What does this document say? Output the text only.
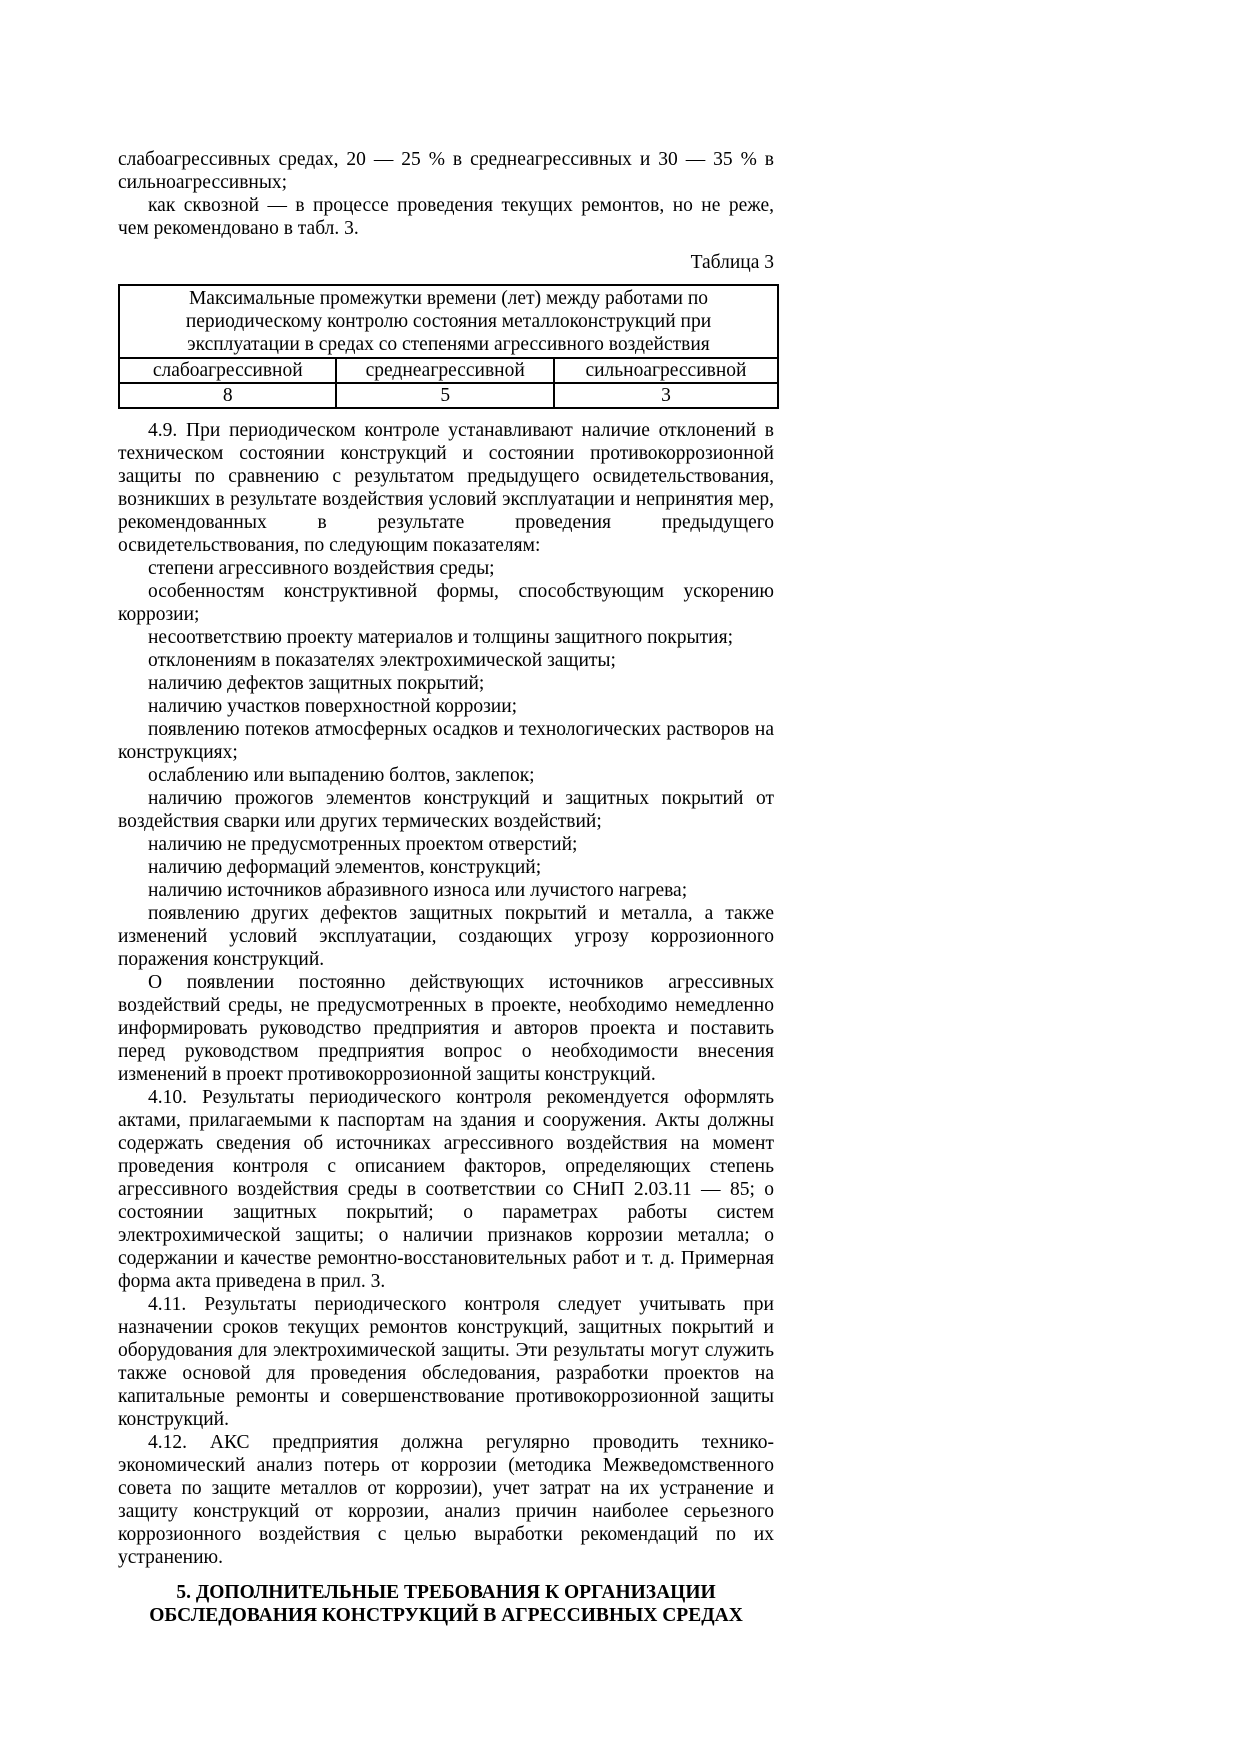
слабоагрессивных средах, 20 — 25 % в среднеагрессивных и 30 — 35 % в сильноагрессивных;

как сквозной — в процессе проведения текущих ремонтов, но не реже, чем рекомендовано в табл. 3.

Таблица 3
Максимальные промежутки времени (лет) между работами по периодическому контролю состояния металлоконструкций при эксплуатации в средах со степенями агрессивного воздействия		
слабоагрессивной	среднеагрессивной	сильноагрессивной
8	5	3

4.9. При периодическом контроле устанавливают наличие отклонений в техническом состоянии конструкций и состоянии противокоррозионной защиты по сравнению с результатом предыдущего освидетельствования, возникших в результате воздействия условий эксплуатации и непринятия мер, рекомендованных в результате проведения предыдущего освидетельствования, по следующим показателям:

степени агрессивного воздействия среды;

особенностям конструктивной формы, способствующим ускорению коррозии;

несоответствию проекту материалов и толщины защитного покрытия;

отклонениям в показателях электрохимической защиты;

наличию дефектов защитных покрытий;

наличию участков поверхностной коррозии;

появлению потеков атмосферных осадков и технологических растворов на конструкциях;

ослаблению или выпадению болтов, заклепок;

наличию прожогов элементов конструкций и защитных покрытий от воздействия сварки или других термических воздействий;

наличию не предусмотренных проектом отверстий;

наличию деформаций элементов, конструкций;

наличию источников абразивного износа или лучистого нагрева;

появлению других дефектов защитных покрытий и металла, а также изменений условий эксплуатации, создающих угрозу коррозионного поражения конструкций.

О появлении постоянно действующих источников агрессивных воздействий среды, не предусмотренных в проекте, необходимо немедленно информировать руководство предприятия и авторов проекта и поставить перед руководством предприятия вопрос о необходимости внесения изменений в проект противокоррозионной защиты конструкций.

4.10. Результаты периодического контроля рекомендуется оформлять актами, прилагаемыми к паспортам на здания и сооружения. Акты должны содержать сведения об источниках агрессивного воздействия на момент проведения контроля с описанием факторов, определяющих степень агрессивного воздействия среды в соответствии со СНиП 2.03.11 — 85; о состоянии защитных покрытий; о параметрах работы систем электрохимической защиты; о наличии признаков коррозии металла; о содержании и качестве ремонтно-восстановительных работ и т. д. Примерная форма акта приведена в прил. 3.

4.11. Результаты периодического контроля следует учитывать при назначении сроков текущих ремонтов конструкций, защитных покрытий и оборудования для электрохимической защиты. Эти результаты могут служить также основой для проведения обследования, разработки проектов на капитальные ремонты и совершенствование противокоррозионной защиты конструкций.

4.12. АКС предприятия должна регулярно проводить технико-экономический анализ потерь от коррозии (методика Межведомственного совета по защите металлов от коррозии), учет затрат на их устранение и защиту конструкций от коррозии, анализ причин наиболее серьезного коррозионного воздействия с целью выработки рекомендаций по их устранению.

5. ДОПОЛНИТЕЛЬНЫЕ ТРЕБОВАНИЯ К ОРГАНИЗАЦИИ
ОБСЛЕДОВАНИЯ КОНСТРУКЦИЙ В АГРЕССИВНЫХ СРЕДАХ
